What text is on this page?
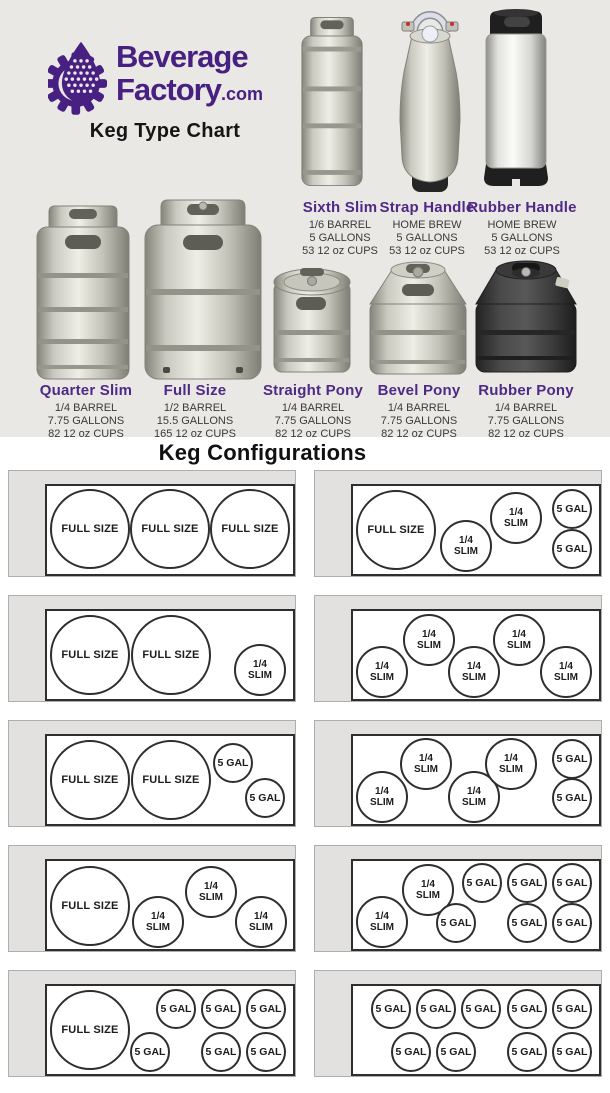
Beverage
Factory.com
Keg Type Chart
Sixth Slim
1/6 BARREL
5 GALLONS
53 12 oz CUPS
Strap Handle
HOME BREW
5 GALLONS
53 12 oz CUPS
Rubber Handle
HOME BREW
5 GALLONS
53 12 oz CUPS
Quarter Slim
1/4 BARREL
7.75 GALLONS
82 12 oz CUPS
Full Size
1/2 BARREL
15.5 GALLONS
165 12 oz CUPS
Straight Pony
1/4 BARREL
7.75 GALLONS
82 12 oz CUPS
Bevel Pony
1/4 BARREL
7.75 GALLONS
82 12 oz CUPS
Rubber Pony
1/4 BARREL
7.75 GALLONS
82 12 oz CUPS
Keg Configurations
FULL SIZE FULL SIZE FULL SIZE	FULL SIZE
1/4
SLIM
1/4
SLIM
5 GAL
5 GAL
FULL SIZE FULL SIZE
1/4
SLIM
1/4
SLIM
1/4
SLIM
1/4
SLIM
1/4
SLIM
1/4
SLIM
FULL SIZE FULL SIZE
5 GAL
5 GAL
1/4
SLIM
1/4
SLIM
1/4
SLIM
1/4
SLIM
5 GAL
5 GAL
FULL SIZE
1/4
SLIM
1/4
SLIM
1/4
SLIM
1/4
SLIM
1/4
SLIM
5 GAL 5 GAL 5 GAL
5 GAL	5 GAL 5 GAL
FULL SIZE
5 GAL 5 GAL 5 GAL
5 GAL	5 GAL 5 GAL
5 GAL 5 GAL 5 GAL 5 GAL 5 GAL
5 GAL 5 GAL	5 GAL 5 GAL
